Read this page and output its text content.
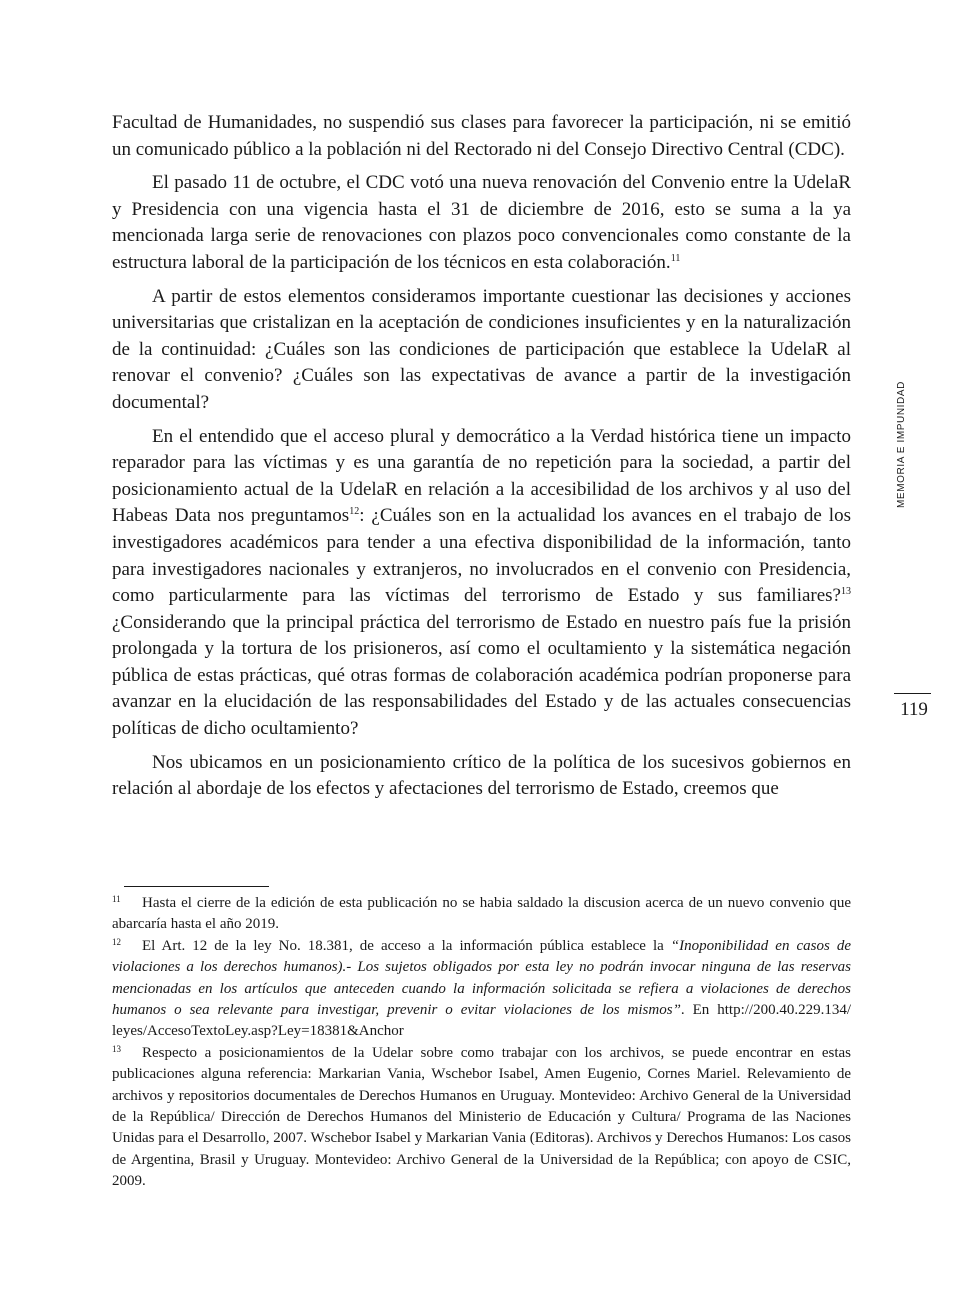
Facultad de Humanidades, no suspendió sus clases para favorecer la participación, ni se emitió un comunicado público a la población ni del Rectorado ni del Consejo Directivo Central (CDC).

El pasado 11 de octubre, el CDC votó una nueva renovación del Convenio entre la UdelaR y Presidencia con una vigencia hasta el 31 de diciembre de 2016, esto se suma a la ya mencionada larga serie de renovaciones con plazos poco convencionales como constante de la estructura laboral de la participación de los técnicos en esta colaboración.$^{11}$

A partir de estos elementos consideramos importante cuestionar las decisiones y acciones universitarias que cristalizan en la aceptación de condiciones insuficientes y en la naturalización de la continuidad: ¿Cuáles son las condiciones de participación que establece la UdelaR al renovar el convenio? ¿Cuáles son las expectativas de avance a partir de la investigación documental?

En el entendido que el acceso plural y democrático a la Verdad histórica tiene un impacto reparador para las víctimas y es una garantía de no repetición para la sociedad, a partir del posicionamiento actual de la UdelaR en relación a la accesibilidad de los archivos y al uso del Habeas Data nos preguntamos$^{12}$: ¿Cuáles son en la actualidad los avances en el trabajo de los investigadores académicos para tender a una efectiva disponibilidad de la información, tanto para investigadores nacionales y extranjeros, no involucrados en el convenio con Presidencia, como particularmente para las víctimas del terrorismo de Estado y sus familiares?$^{13}$ ¿Considerando que la principal práctica del terrorismo de Estado en nuestro país fue la prisión prolongada y la tortura de los prisioneros, así como el ocultamiento y la sistemática negación pública de estas prácticas, qué otras formas de colaboración académica podrían proponerse para avanzar en la elucidación de las responsabilidades del Estado y de las actuales consecuencias políticas de dicho ocultamiento?

Nos ubicamos en un posicionamiento crítico de la política de los sucesivos gobiernos en relación al abordaje de los efectos y afectaciones del terrorismo de Estado, creemos que

MEMORIA E IMPUNIDAD
119

11 Hasta el cierre de la edición de esta publicación no se habia saldado la discusion acerca de un nuevo convenio que abarcaría hasta el año 2019.

12 El Art. 12 de la ley No. 18.381, de acceso a la información pública establece la “Inoponibilidad en casos de violaciones a los derechos humanos).- Los sujetos obligados por esta ley no podrán invocar ninguna de las reservas mencionadas en los artículos que anteceden cuando la información solicitada se refiera a violaciones de derechos humanos o sea relevante para investigar, prevenir o evitar violaciones de los mismos”. En http://200.40.229.134/ leyes/AccesoTextoLey.asp?Ley=18381&Anchor

13 Respecto a posicionamientos de la Udelar sobre como trabajar con los archivos, se puede encontrar en estas publicaciones alguna referencia: Markarian Vania, Wschebor Isabel, Amen Eugenio, Cornes Mariel. Relevamiento de archivos y repositorios documentales de Derechos Humanos en Uruguay. Montevideo: Archivo General de la Universidad de la República/ Dirección de Derechos Humanos del Ministerio de Educación y Cultura/ Programa de las Naciones Unidas para el Desarrollo, 2007. Wschebor Isabel y Markarian Vania (Editoras). Archivos y Derechos Humanos: Los casos de Argentina, Brasil y Uruguay. Montevideo: Archivo General de la Universidad de la República; con apoyo de CSIC, 2009.
